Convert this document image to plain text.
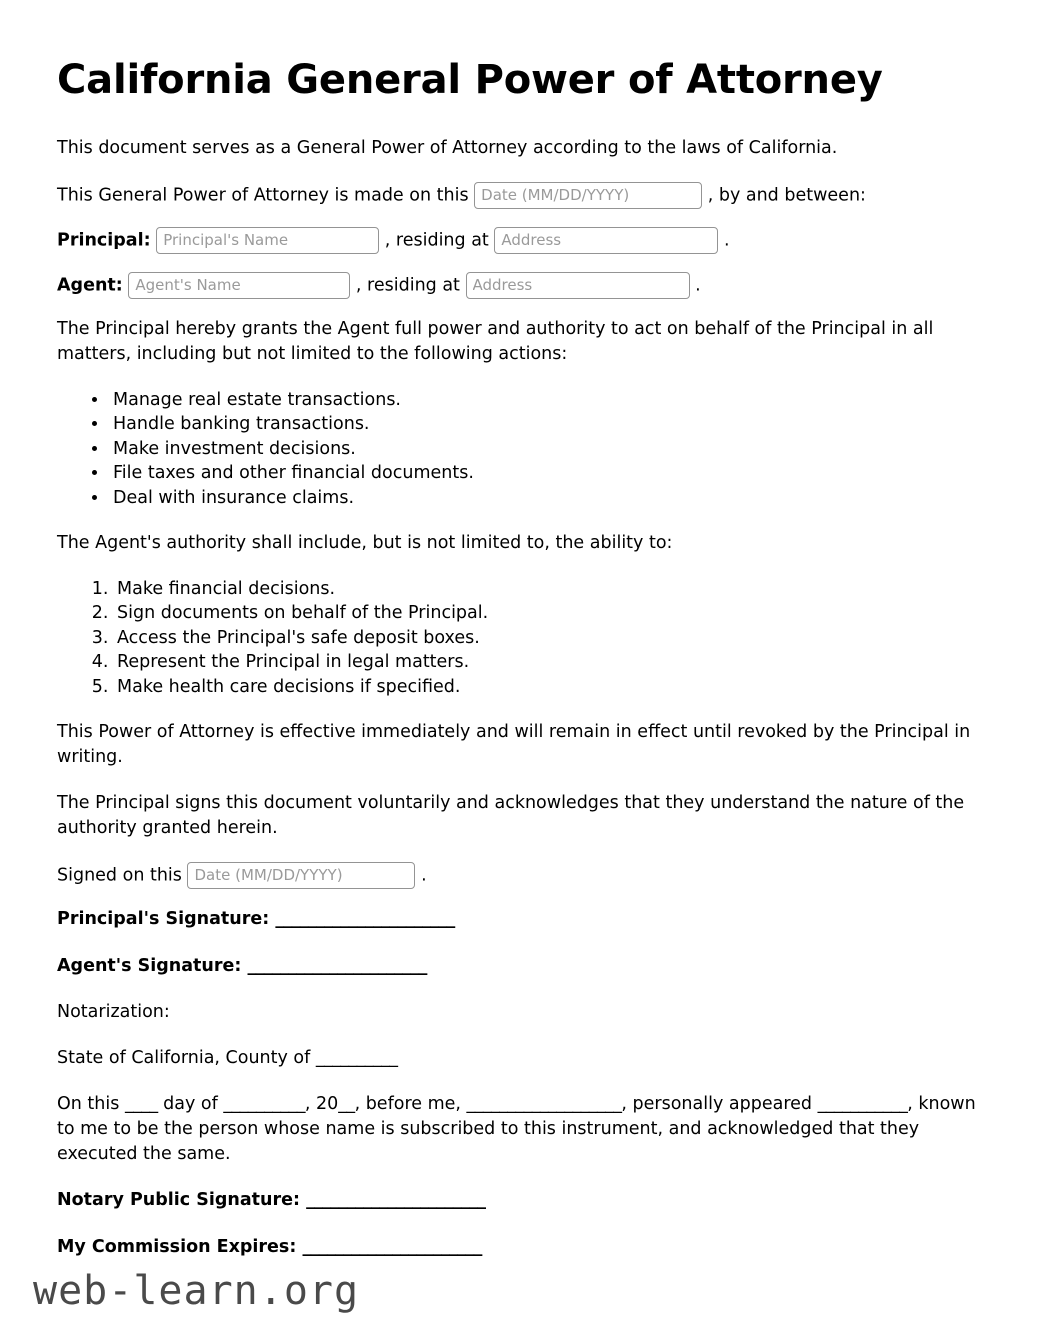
California General Power of Attorney

This document serves as a General Power of Attorney according to the laws of California.

This General Power of Attorney is made on this Date (MM/DD/YYYY)	, by and between:
Principal: Principal's Name	, residing at Address	.
Agent: Agent's Name	, residing at Address	.

The Principal hereby grants the Agent full power and authority to act on behalf of the Principal in all matters, including but not limited to the following actions:

• Manage real estate transactions.
• Handle banking transactions.
• Make investment decisions.
• File taxes and other financial documents.
• Deal with insurance claims.

The Agent's authority shall include, but is not limited to, the ability to:

1. Make financial decisions.
2. Sign documents on behalf of the Principal.
3. Access the Principal's safe deposit boxes.
4. Represent the Principal in legal matters.
5. Make health care decisions if specified.

This Power of Attorney is effective immediately and will remain in effect until revoked by the Principal in writing.

The Principal signs this document voluntarily and acknowledges that they understand the nature of the authority granted herein.

Signed on this Date (MM/DD/YYYY)	.
Principal's Signature: ______________________
Agent's Signature: ______________________

Notarization:

State of California, County of __________

On this ____ day of __________, 20__, before me, ___________________, personally appeared ___________, known to me to be the person whose name is subscribed to this instrument, and acknowledged that they executed the same.

Notary Public Signature: ______________________
My Commission Expires: ______________________
web-learn.org
